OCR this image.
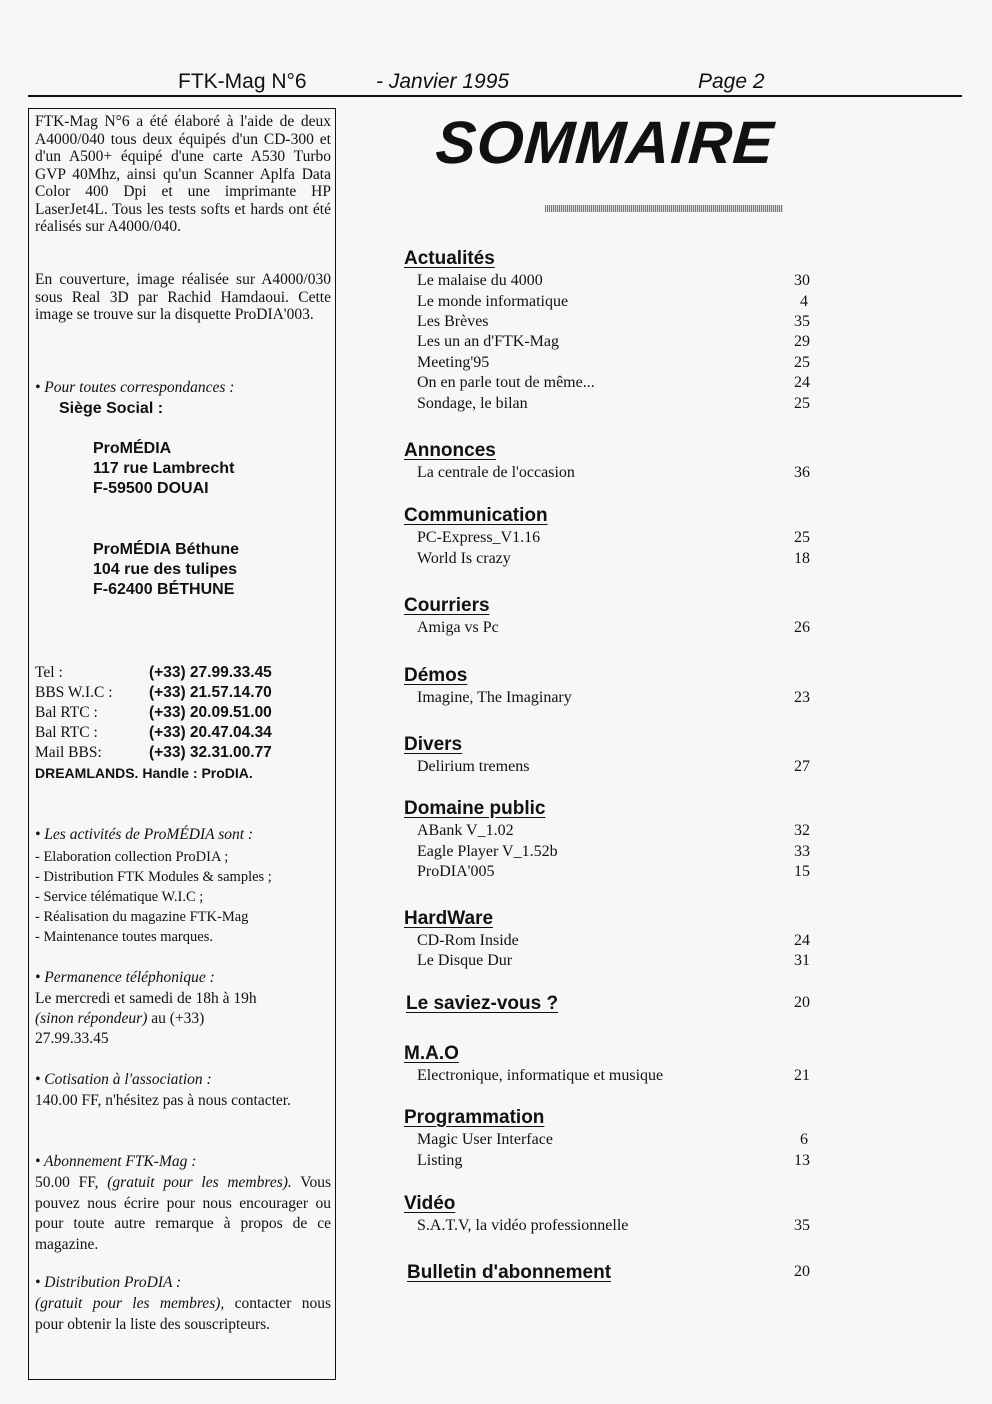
FTK-Mag N°6	- Janvier 1995	Page 2
FTK-Mag N°6 a été élaboré à l'aide de deux A4000/040 tous deux équipés d'un CD-300 et d'un A500+ équipé d'une carte A530 Turbo GVP 40Mhz, ainsi qu'un Scanner Aplfa Data Color 400 Dpi et une imprimante HP LaserJet4L. Tous les tests softs et hards ont été réalisés sur A4000/040.
En couverture, image réalisée sur A4000/030 sous Real 3D par Rachid Hamdaoui. Cette image se trouve sur la disquette ProDIA'003.
• Pour toutes correspondances :
Siège Social :
ProMÉDIA
117 rue Lambrecht
F-59500 DOUAI
ProMÉDIA Béthune
104 rue des tulipes
F-62400 BÉTHUNE
Tel :	(+33) 27.99.33.45
BBS W.I.C : (+33) 21.57.14.70
Bal RTC :	(+33) 20.09.51.00
Bal RTC :	(+33) 20.47.04.34
Mail BBS:	(+33) 32.31.00.77
DREAMLANDS. Handle : ProDIA.
• Les activités de ProMÉDIA sont :
- Elaboration collection ProDIA ;
- Distribution FTK Modules & samples ;
- Service télématique W.I.C ;
- Réalisation du magazine FTK-Mag
- Maintenance toutes marques.
• Permanence téléphonique :
Le mercredi et samedi de 18h à 19h
(sinon répondeur) au (+33)
27.99.33.45
• Cotisation à l'association :
140.00 FF, n'hésitez pas à nous contacter.
• Abonnement FTK-Mag :
50.00 FF, (gratuit pour les membres). Vous pouvez nous écrire pour nous encourager ou pour toute autre remarque à propos de ce magazine.
• Distribution ProDIA :
(gratuit pour les membres), contacter nous pour obtenir la liste des souscripteurs.
SOMMAIRE
Actualités
Le malaise du 4000	30
Le monde informatique	4
Les Brèves	35
Les un an d'FTK-Mag	29
Meeting'95	25
On en parle tout de même...	24
Sondage, le bilan	25
Annonces
La centrale de l'occasion	36
Communication
PC-Express_V1.16	25
World Is crazy	18
Courriers
Amiga vs Pc	26
Démos
Imagine, The Imaginary	23
Divers
Delirium tremens	27
Domaine public
ABank V_1.02	32
Eagle Player V_1.52b	33
ProDIA'005	15
HardWare
CD-Rom Inside	24
Le Disque Dur	31
Le saviez-vous ?	20
M.A.O
Electronique, informatique et musique	21
Programmation
Magic User Interface	6
Listing	13
Vidéo
S.A.T.V, la vidéo professionnelle	35
Bulletin d'abonnement	20
